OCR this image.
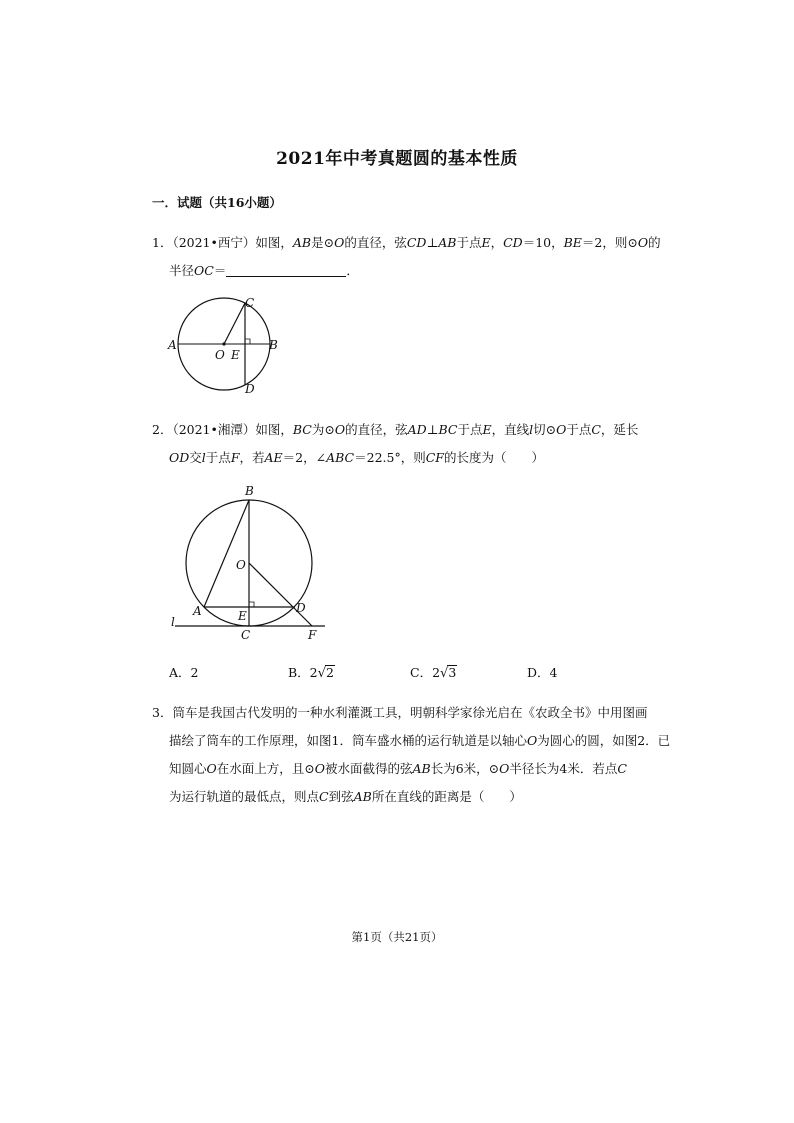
2021年中考真题圆的基本性质
一．试题（共16小题）
1．（2021•西宁）如图，AB是⊙O的直径，弦CD⊥AB于点E，CD＝10，BE＝2，则⊙O的
半径OC＝	．
A	B
C
D
E
O
2．（2021•湘潭）如图，BC为⊙O的直径，弦AD⊥BC于点E，直线l切⊙O于点C，延长
OD交l于点F，若AE＝2，∠ABC＝22.5°，则CF的长度为（　　）
B
O
A	E
D
C	F
l
A．2	B．2√2	C．2√3	D．4
3．筒车是我国古代发明的一种水利灌溉工具，明朝科学家徐光启在《农政全书》中用图画
描绘了筒车的工作原理，如图1．筒车盛水桶的运行轨道是以轴心O为圆心的圆，如图2．已
知圆心O在水面上方，且⊙O被水面截得的弦AB长为6米，⊙O半径长为4米．若点C
为运行轨道的最低点，则点C到弦AB所在直线的距离是（　　）
第1页（共21页）
